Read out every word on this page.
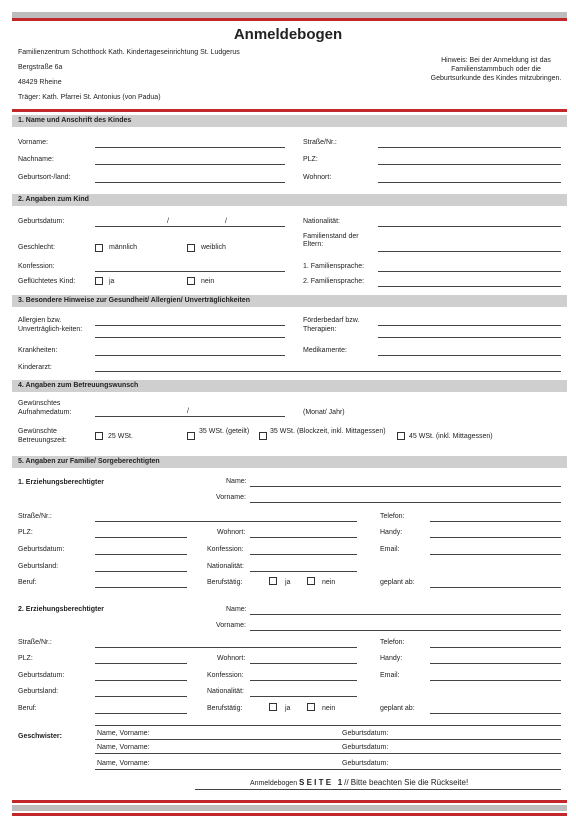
Anmeldebogen
Familienzentrum Schotthock Kath. Kindertageseinrichtung St. Ludgerus
Bergstraße 6a
48429 Rheine
Träger: Kath. Pfarrei St. Antonius (von Padua)
Hinweis: Bei der Anmeldung ist das Familienstammbuch oder die Geburtsurkunde des Kindes mitzubringen.
1. Name und Anschrift des Kindes
Vorname:	Straße/Nr.:
Nachname:	PLZ:
Geburtsort-/land:	Wohnort:
2. Angaben zum Kind
Geburtsdatum:	/	/	Nationalität:
Familienstand der Eltern:
Geschlecht:	männlich	weiblich
Konfession:	1. Familiensprache:
Geflüchtetes Kind:	ja	nein	2. Familiensprache:
3. Besondere Hinweise zur Gesundheit/ Allergien/ Unverträglichkeiten
Allergien bzw. Unverträglich-keiten:
Förderbedarf bzw. Therapien:
Krankheiten:	Medikamente:
Kinderarzt:
4. Angaben zum Betreuungswunsch
Gewünschtes Aufnahmedatum:	/	(Monat/ Jahr)
Gewünschte Betreuungszeit:
25 WSt.
35 WSt. (geteilt)	35 WSt. (Blockzeit, inkl. Mittagessen)
45 WSt. (inkl. Mittagessen)
5. Angaben zur Familie/ Sorgeberechtigten
1. Erziehungsberechtigter	Name:
Vorname:
Straße/Nr.:	Telefon:
PLZ:	Wohnort:	Handy:
Geburtsdatum:	Konfession:	Email:
Geburtsland:	Nationalität:
Beruf:	Berufstätig:	ja	nein	geplant ab:
2. Erziehungsberechtigter	Name:
Vorname:
Straße/Nr.:	Telefon:
PLZ:	Wohnort:	Handy:
Geburtsdatum:	Konfession:	Email:
Geburtsland:	Nationalität:
Beruf:	Berufstätig:	ja	nein	geplant ab:
Geschwister:	Name, Vorname:	Geburtsdatum:
Name, Vorname:	Geburtsdatum:
Name, Vorname:	Geburtsdatum:
Anmeldebogen S E I T E   1 // Bitte beachten Sie die Rückseite!
